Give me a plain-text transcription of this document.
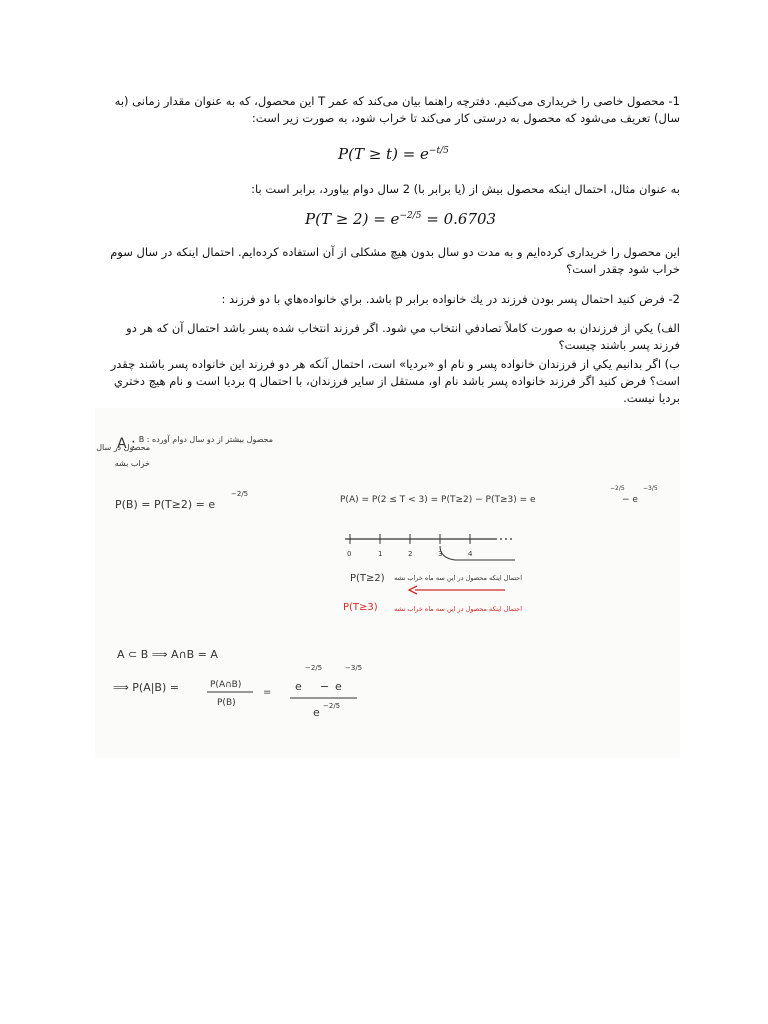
1- محصول خاصی را خریداری می‌کنیم. دفترچه راهنما بیان می‌کند که عمر T این محصول، که به عنوان مقدار زمانی (به سال) تعریف می‌شود که محصول به درستی کار می‌کند تا خراب شود، به صورت زیر است:
$P(T \ge t) = e^{-t/5}$
به عنوان مثال، احتمال اینکه محصول بیش از (یا برابر با) 2 سال دوام بیاورد، برابر است با:
$P(T \ge 2) = e^{-2/5} = 0.6703$
این محصول را خریداری کرده‌ایم و به مدت دو سال بدون هیچ مشکلی از آن استفاده کرده‌ایم. احتمال اینکه در سال سوم خراب شود چقدر است؟
2- فرض كنيد احتمال پسر بودن فرزند در يك خانواده برابر p باشد. براي خانواده‌هاي با دو فرزند :
الف) يكي از فرزندان به صورت كاملاً تصادفي انتخاب مي شود. اگر فرزند انتخاب شده پسر باشد احتمال آن كه هر دو فرزند پسر باشند چيست؟
ب) اگر بدانيم يكي از فرزندان خانواده پسر و نام او «برديا» است، احتمال آنكه هر دو فرزند اين خانواده پسر باشند چقدر است؟ فرض كنيد اگر فرزند خانواده پسر باشد نام او، مستقل از ساير فرزندان، با احتمال q برديا است و نام هيچ دختري برديا نيست.
A :
محصول در سال
خراب بشه
محصول بیشتر از دو سال دوام آورده : B
P(B) = P(T≥2) = e
−2/5
P(A) = P(2 ≤ T < 3) = P(T≥2) − P(T≥3) = e
−2/5
− e
−3/5
0	1	2	3	4
P(T≥2) احتمال اینکه محصول در این سه ماه خراب نشه
P(T≥3)	احتمال اینکه محصول در این سه ماه خراب نشه
A ⊂ B ⟹ A∩B = A
⟹ P(A|B) =	P(A∩B)
P(B)
= e
−2/5
− e
−3/5
e −2/5
